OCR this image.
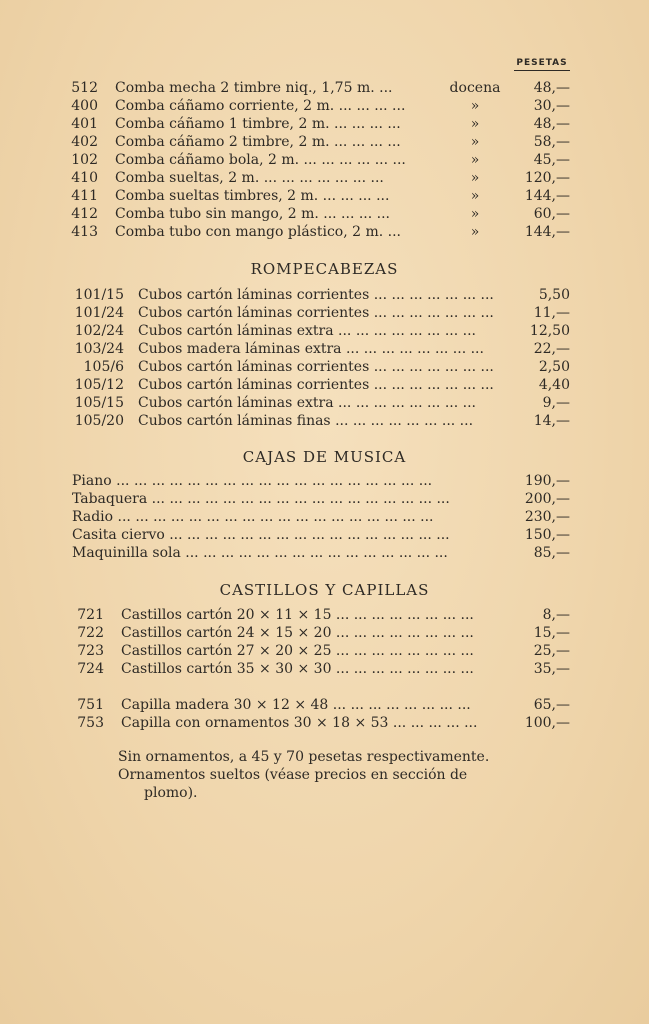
PESETAS
512 Comba mecha 2 timbre niq., 1,75 m. ...	docena	48,—
400 Comba cáñamo corriente, 2 m. ... ... ... ...	»	30,—
401 Comba cáñamo 1 timbre, 2 m. ... ... ... ...	»	48,—
402 Comba cáñamo 2 timbre, 2 m. ... ... ... ...	»	58,—
102 Comba cáñamo bola, 2 m. ... ... ... ... ... ...	»	45,—
410 Comba sueltas, 2 m. ... ... ... ... ... ... ...	»	120,—
411 Comba sueltas timbres, 2 m. ... ... ... ...	»	144,—
412 Comba tubo sin mango, 2 m. ... ... ... ...	»	60,—
413 Comba tubo con mango plástico, 2 m. ...	»	144,—
ROMPECABEZAS
101/15 Cubos cartón láminas corrientes ... ... ... ... ... ... ...	5,50
101/24 Cubos cartón láminas corrientes ... ... ... ... ... ... ...	11,—
102/24 Cubos cartón láminas extra ... ... ... ... ... ... ... ...	12,50
103/24 Cubos madera láminas extra ... ... ... ... ... ... ... ...	22,—
105/6 Cubos cartón láminas corrientes ... ... ... ... ... ... ...	2,50
105/12 Cubos cartón láminas corrientes ... ... ... ... ... ... ...	4,40
105/15 Cubos cartón láminas extra ... ... ... ... ... ... ... ...	9,—
105/20 Cubos cartón láminas finas ... ... ... ... ... ... ... ...	14,—
CAJAS DE MUSICA
Piano ... ... ... ... ... ... ... ... ... ... ... ... ... ... ... ... ... ...	190,—
Tabaquera ... ... ... ... ... ... ... ... ... ... ... ... ... ... ... ... ...	200,—
Radio ... ... ... ... ... ... ... ... ... ... ... ... ... ... ... ... ... ...	230,—
Casita ciervo ... ... ... ... ... ... ... ... ... ... ... ... ... ... ... ...	150,—
Maquinilla sola ... ... ... ... ... ... ... ... ... ... ... ... ... ... ...	85,—
CASTILLOS Y CAPILLAS
721 Castillos cartón 20 × 11 × 15 ... ... ... ... ... ... ... ...	8,—
722 Castillos cartón 24 × 15 × 20 ... ... ... ... ... ... ... ...	15,—
723 Castillos cartón 27 × 20 × 25 ... ... ... ... ... ... ... ...	25,—
724 Castillos cartón 35 × 30 × 30 ... ... ... ... ... ... ... ...	35,—
751 Capilla madera 30 × 12 × 48 ... ... ... ... ... ... ... ...	65,—
753 Capilla con ornamentos 30 × 18 × 53 ... ... ... ... ...	100,—

Sin ornamentos, a 45 y 70 pesetas respectivamente.

Ornamentos sueltos (véase precios en sección de

plomo).
